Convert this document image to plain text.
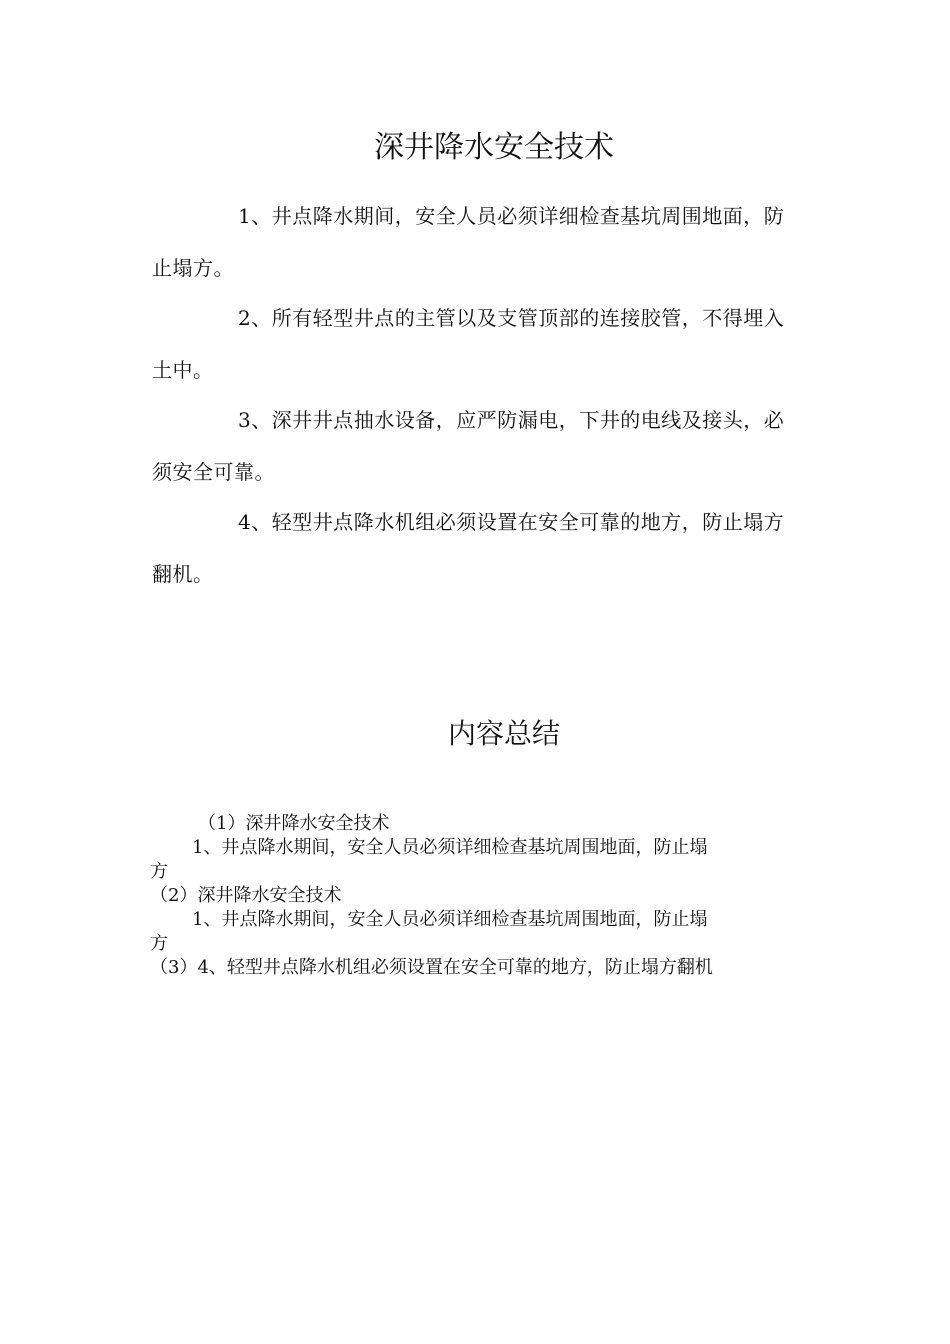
深井降水安全技术

1、井点降水期间，安全人员必须详细检查基坑周围地面，防止塌方。

2、所有轻型井点的主管以及支管顶部的连接胶管，不得埋入土中。

3、深井井点抽水设备，应严防漏电，下井的电线及接头，必须安全可靠。

4、轻型井点降水机组必须设置在安全可靠的地方，防止塌方翻机。

内容总结
（1）深井降水安全技术
1、井点降水期间，安全人员必须详细检查基坑周围地面，防止塌
方
（2）深井降水安全技术
1、井点降水期间，安全人员必须详细检查基坑周围地面，防止塌
方
（3）4、轻型井点降水机组必须设置在安全可靠的地方，防止塌方翻机
